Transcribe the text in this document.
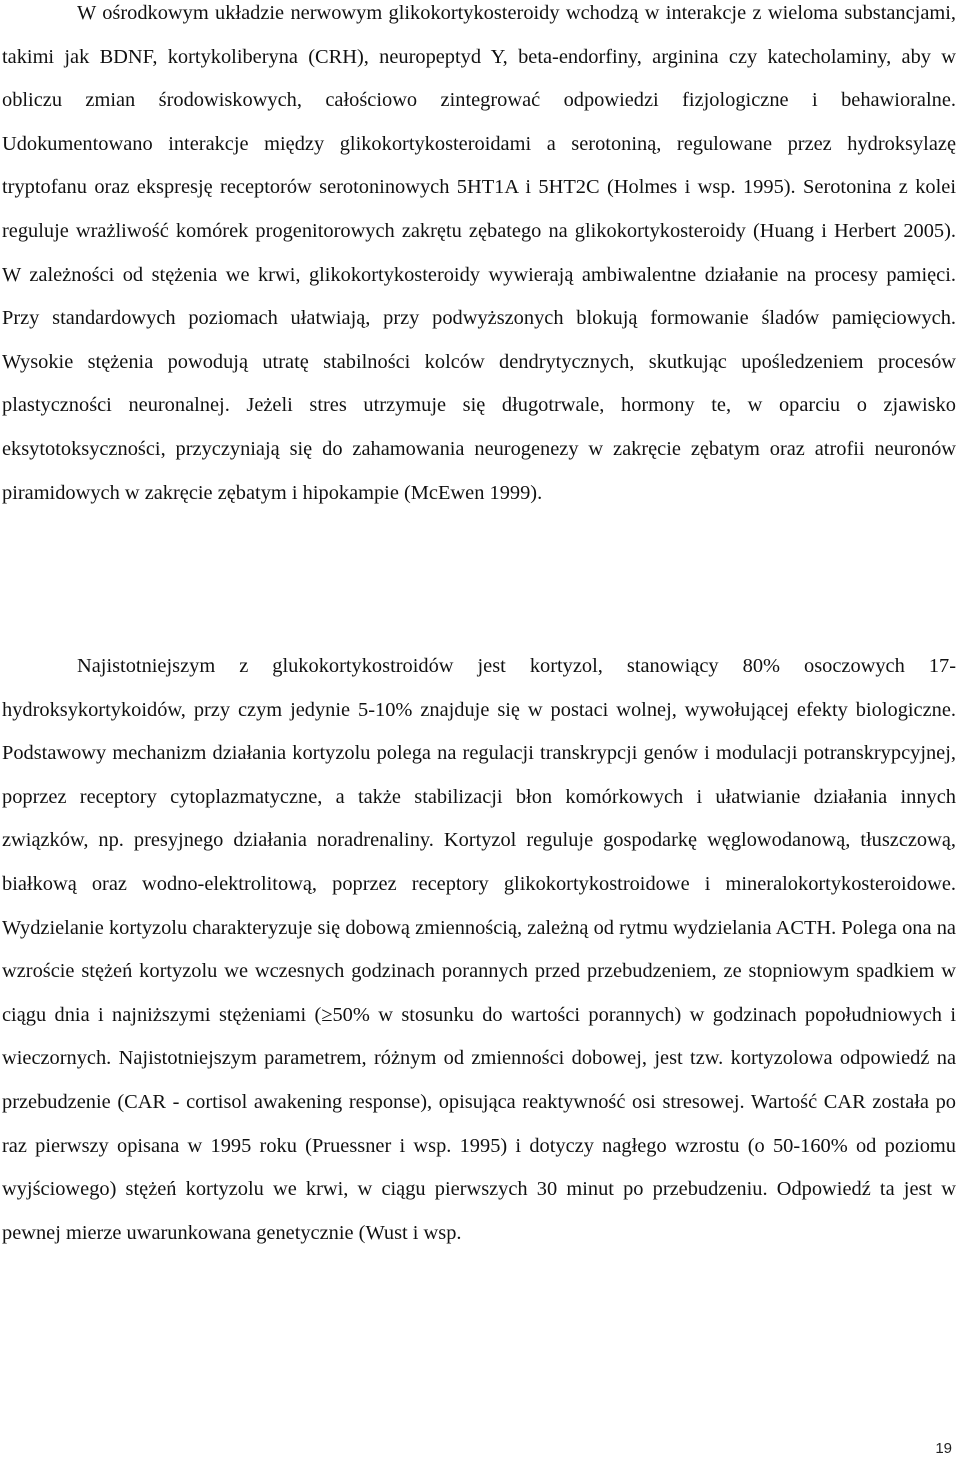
W ośrodkowym układzie nerwowym glikokortykosteroidy wchodzą w interakcje z wieloma substancjami, takimi jak BDNF, kortykoliberyna (CRH), neuropeptyd Y, beta-endorfiny, arginina czy katecholaminy, aby w obliczu zmian środowiskowych, całościowo zintegrować odpowiedzi fizjologiczne i behawioralne. Udokumentowano interakcje między glikokortykosteroidami a serotoniną, regulowane przez hydroksylazę tryptofanu oraz ekspresję receptorów serotoninowych 5HT1A i 5HT2C (Holmes i wsp. 1995). Serotonina z kolei reguluje wrażliwość komórek progenitorowych zakrętu zębatego na glikokortykosteroidy (Huang i Herbert 2005). W zależności od stężenia we krwi, glikokortykosteroidy wywierają ambiwalentne działanie na procesy pamięci. Przy standardowych poziomach ułatwiają, przy podwyższonych blokują formowanie śladów pamięciowych. Wysokie stężenia powodują utratę stabilności kolców dendrytycznych, skutkując upośledzeniem procesów plastyczności neuronalnej. Jeżeli stres utrzymuje się długotrwale, hormony te, w oparciu o zjawisko eksytotoksyczności, przyczyniają się do zahamowania neurogenezy w zakręcie zębatym oraz atrofii neuronów piramidowych w zakręcie zębatym i hipokampie (McEwen 1999).

Najistotniejszym z glukokortykostroidów jest kortyzol, stanowiący 80% osoczowych 17-hydroksykortykoidów, przy czym jedynie 5-10% znajduje się w postaci wolnej, wywołującej efekty biologiczne. Podstawowy mechanizm działania kortyzolu polega na regulacji transkrypcji genów i modulacji potranskrypcyjnej, poprzez receptory cytoplazmatyczne, a także stabilizacji błon komórkowych i ułatwianie działania innych związków, np. presyjnego działania noradrenaliny. Kortyzol reguluje gospodarkę węglowodanową, tłuszczową, białkową oraz wodno-elektrolitową, poprzez receptory glikokortykostroidowe i mineralokortykosteroidowe. Wydzielanie kortyzolu charakteryzuje się dobową zmiennością, zależną od rytmu wydzielania ACTH. Polega ona na wzroście stężeń kortyzolu we wczesnych godzinach porannych przed przebudzeniem, ze stopniowym spadkiem w ciągu dnia i najniższymi stężeniami (≥50% w stosunku do wartości porannych) w godzinach popołudniowych i wieczornych. Najistotniejszym parametrem, różnym od zmienności dobowej, jest tzw. kortyzolowa odpowiedź na przebudzenie (CAR - cortisol awakening response), opisująca reaktywność osi stresowej. Wartość CAR została po raz pierwszy opisana w 1995 roku (Pruessner i wsp. 1995) i dotyczy nagłego wzrostu (o 50-160% od poziomu wyjściowego) stężeń kortyzolu we krwi, w ciągu pierwszych 30 minut po przebudzeniu. Odpowiedź ta jest w pewnej mierze uwarunkowana genetycznie (Wust i wsp.

19
